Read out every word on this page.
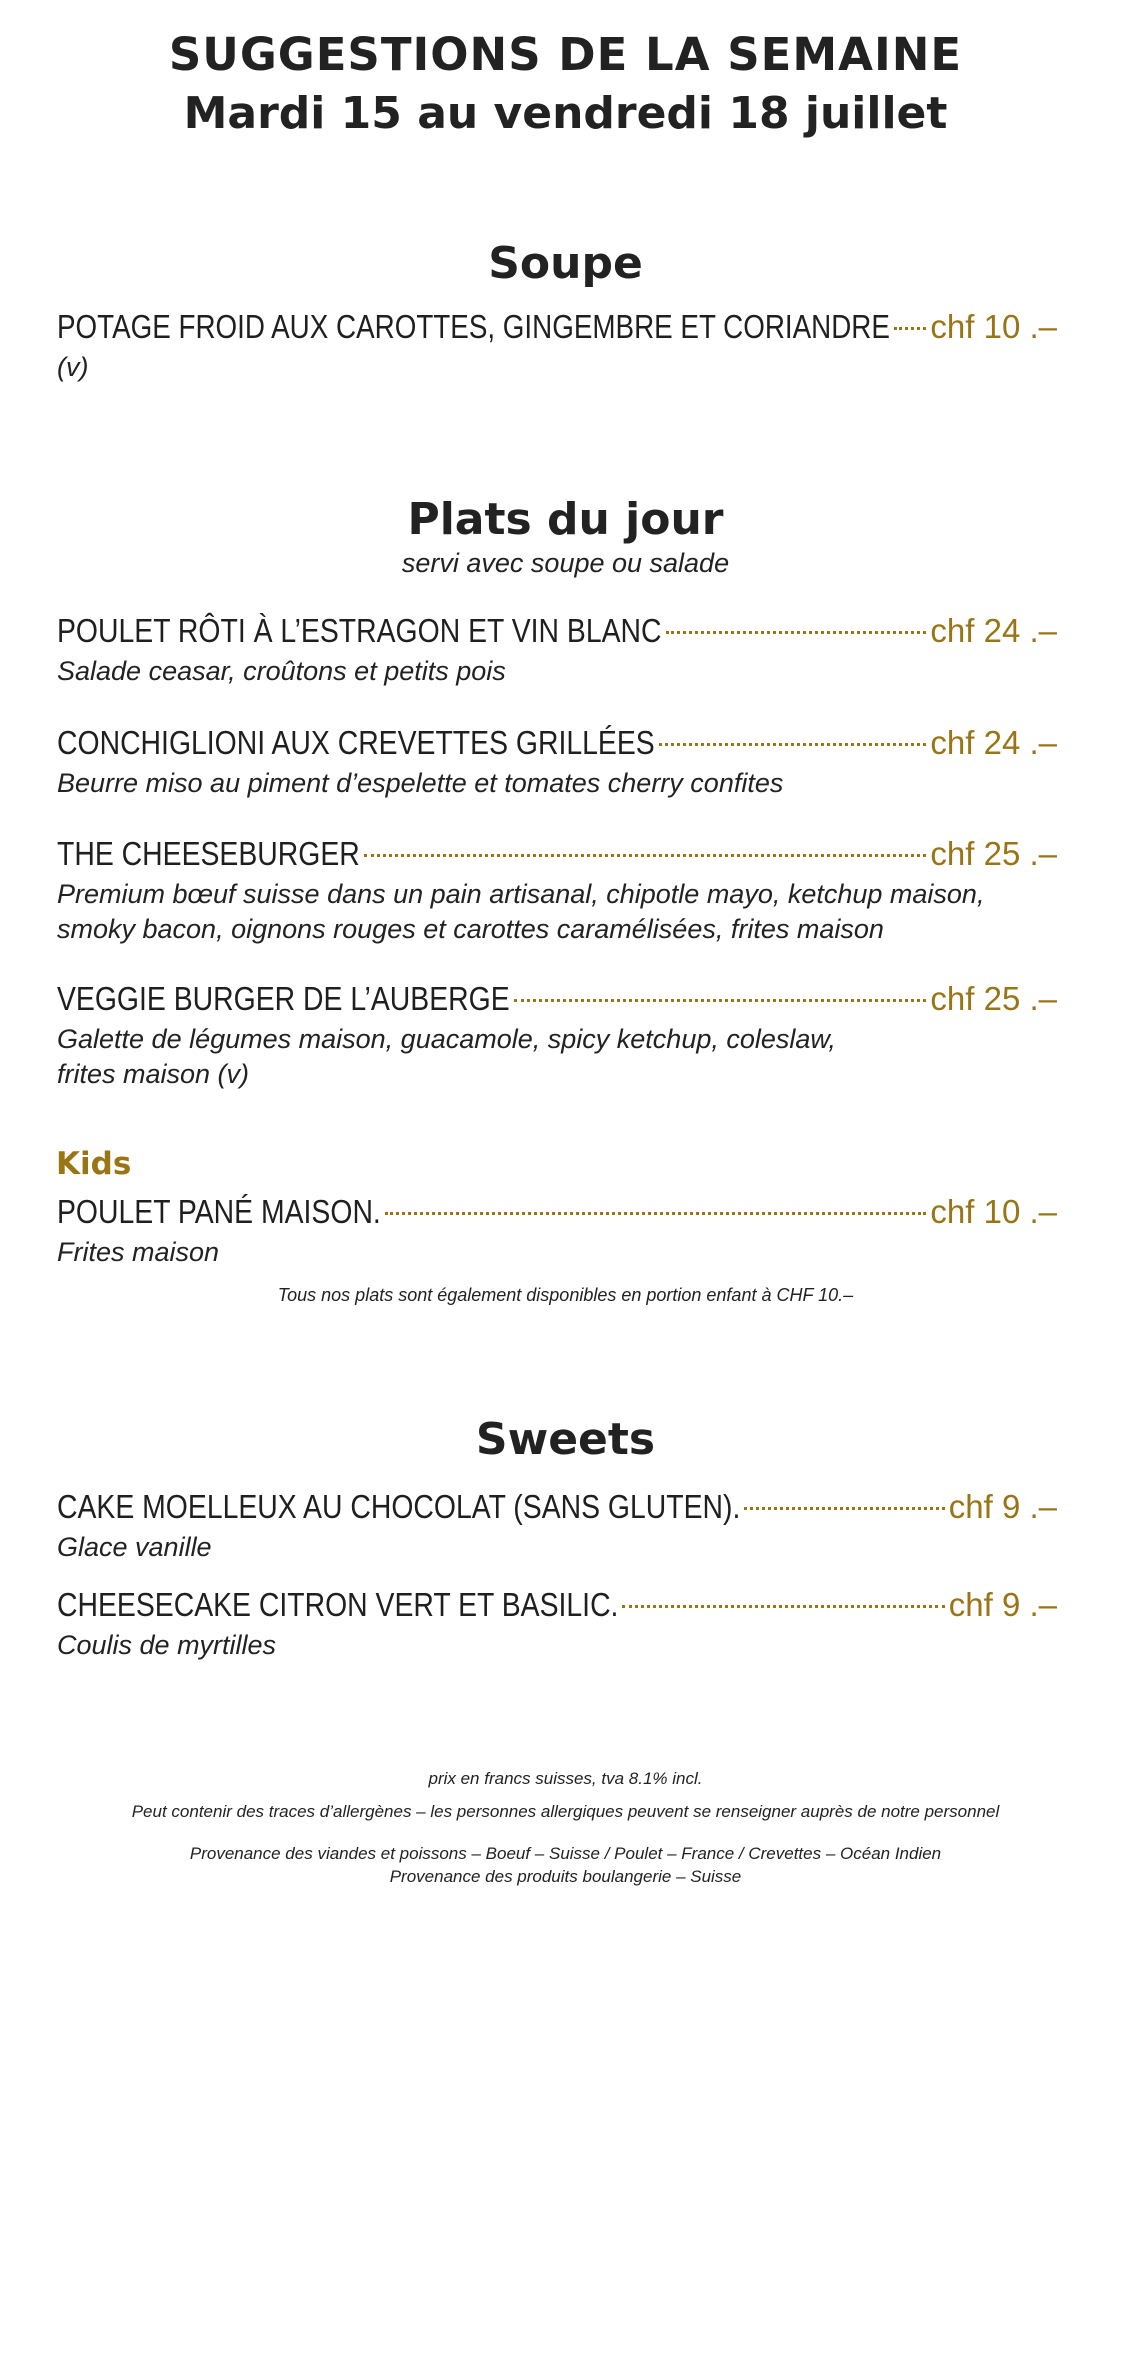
SUGGESTIONS DE LA SEMAINE
Mardi 15 au vendredi 18 juillet
Soupe
POTAGE FROID AUX CAROTTES, GINGEMBRE ET CORIANDRE chf 10 .–
(v)
Plats du jour
servi avec soupe ou salade
POULET RÔTI À L’ESTRAGON ET VIN BLANC	chf 24 .–
Salade ceasar, croûtons et petits pois
CONCHIGLIONI AUX CREVETTES GRILLÉES	chf 24 .–
Beurre miso au piment d’espelette et tomates cherry confites
THE CHEESEBURGER	chf 25 .–
Premium bœuf suisse dans un pain artisanal, chipotle mayo, ketchup maison,
smoky bacon, oignons rouges et carottes caramélisées, frites maison
VEGGIE BURGER DE L’AUBERGE	chf 25 .–
Galette de légumes maison, guacamole, spicy ketchup, coleslaw,
frites maison (v)
Kids
POULET PANÉ MAISON.	chf 10 .–
Frites maison
Tous nos plats sont également disponibles en portion enfant à CHF 10.–
Sweets
CAKE MOELLEUX AU CHOCOLAT (SANS GLUTEN).	chf 9 .–
Glace vanille
CHEESECAKE CITRON VERT ET BASILIC.	chf 9 .–
Coulis de myrtilles
prix en francs suisses, tva 8.1% incl.
Peut contenir des traces d’allergènes – les personnes allergiques peuvent se renseigner auprès de notre personnel
Provenance des viandes et poissons – Boeuf – Suisse / Poulet – France / Crevettes – Océan Indien
Provenance des produits boulangerie – Suisse
